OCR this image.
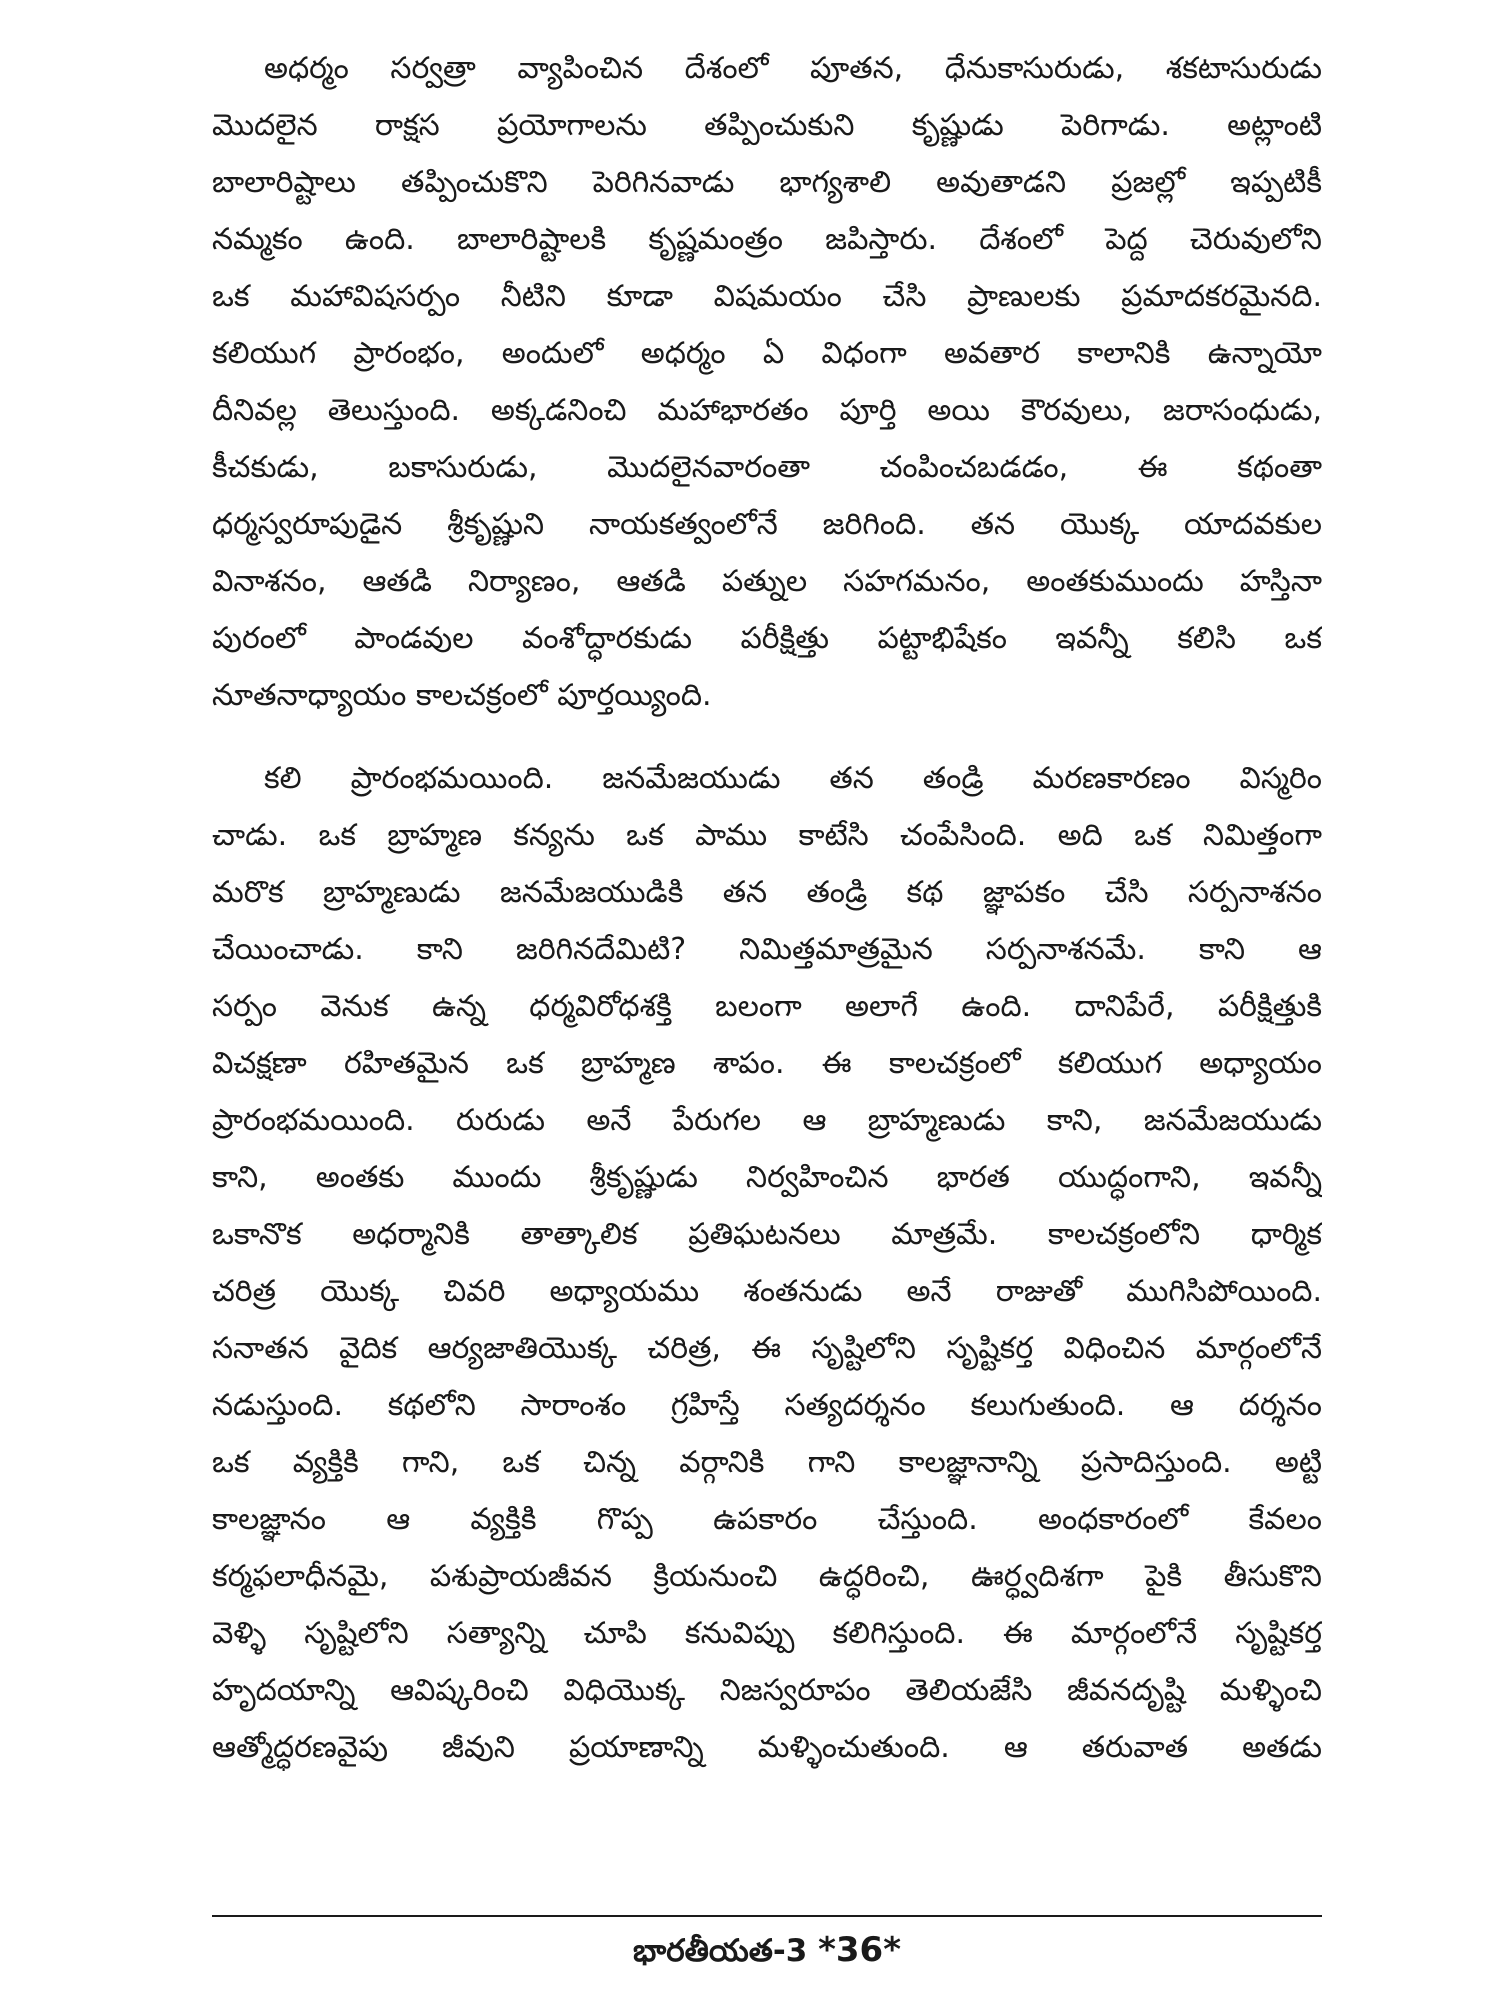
అధర్మం సర్వత్రా వ్యాపించిన దేశంలో పూతన, ధేనుకాసురుడు, శకటాసురుడు
మొదలైన రాక్షస ప్రయోగాలను తప్పించుకుని కృష్ణుడు పెరిగాడు. అట్లాంటి
బాలారిష్టాలు తప్పించుకొని పెరిగినవాడు భాగ్యశాలి అవుతాడని ప్రజల్లో ఇప్పటికీ
నమ్మకం ఉంది. బాలారిష్టాలకి కృష్ణమంత్రం జపిస్తారు. దేశంలో పెద్ద చెరువులోని
ఒక మహావిషసర్పం నీటిని కూడా విషమయం చేసి ప్రాణులకు ప్రమాదకరమైనది.
కలియుగ ప్రారంభం, అందులో అధర్మం ఏ విధంగా అవతార కాలానికి ఉన్నాయో
దీనివల్ల తెలుస్తుంది. అక్కడనించి మహాభారతం పూర్తి అయి కౌరవులు, జరాసంధుడు,
కీచకుడు, బకాసురుడు, మొదలైనవారంతా చంపించబడడం, ఈ కథంతా
ధర్మస్వరూపుడైన శ్రీకృష్ణుని నాయకత్వంలోనే జరిగింది. తన యొక్క యాదవకుల
వినాశనం, ఆతడి నిర్యాణం, ఆతడి పత్నుల సహగమనం, అంతకుముందు హస్తినా
పురంలో పాండవుల వంశోద్ధారకుడు పరీక్షిత్తు పట్టాభిషేకం ఇవన్నీ కలిసి ఒక
నూతనాధ్యాయం కాలచక్రంలో పూర్తయ్యింది.
కలి ప్రారంభమయింది. జనమేజయుడు తన తండ్రి మరణకారణం విస్మరిం
చాడు. ఒక బ్రాహ్మణ కన్యను ఒక పాము కాటేసి చంపేసింది. అది ఒక నిమిత్తంగా
మరొక బ్రాహ్మణుడు జనమేజయుడికి తన తండ్రి కథ జ్ఞాపకం చేసి సర్పనాశనం
చేయించాడు. కాని జరిగినదేమిటి? నిమిత్తమాత్రమైన సర్పనాశనమే. కాని ఆ
సర్పం వెనుక ఉన్న ధర్మవిరోధశక్తి బలంగా అలాగే ఉంది. దానిపేరే, పరీక్షిత్తుకి
విచక్షణా రహితమైన ఒక బ్రాహ్మణ శాపం. ఈ కాలచక్రంలో కలియుగ అధ్యాయం
ప్రారంభమయింది. రురుడు అనే పేరుగల ఆ బ్రాహ్మణుడు కాని, జనమేజయుడు
కాని, అంతకు ముందు శ్రీకృష్ణుడు నిర్వహించిన భారత యుద్ధంగాని, ఇవన్నీ
ఒకానొక అధర్మానికి తాత్కాలిక ప్రతిఘటనలు మాత్రమే. కాలచక్రంలోని ధార్మిక
చరిత్ర యొక్క చివరి అధ్యాయము శంతనుడు అనే రాజుతో ముగిసిపోయింది.
సనాతన వైదిక ఆర్యజాతియొక్క చరిత్ర, ఈ సృష్టిలోని సృష్టికర్త విధించిన మార్గంలోనే
నడుస్తుంది. కథలోని సారాంశం గ్రహిస్తే సత్యదర్శనం కలుగుతుంది. ఆ దర్శనం
ఒక వ్యక్తికి గాని, ఒక చిన్న వర్గానికి గాని కాలజ్ఞానాన్ని ప్రసాదిస్తుంది. అట్టి
కాలజ్ఞానం ఆ వ్యక్తికి గొప్ప ఉపకారం చేస్తుంది. అంధకారంలో కేవలం
కర్మఫలాధీనమై, పశుప్రాయజీవన క్రియనుంచి ఉద్ధరించి, ఊర్ధ్వదిశగా పైకి తీసుకొని
వెళ్ళి సృష్టిలోని సత్యాన్ని చూపి కనువిప్పు కలిగిస్తుంది. ఈ మార్గంలోనే సృష్టికర్త
హృదయాన్ని ఆవిష్కరించి విధియొక్క నిజస్వరూపం తెలియజేసి జీవనదృష్టి మళ్ళించి
ఆత్మోద్ధరణవైపు జీవుని ప్రయాణాన్ని మళ్ళించుతుంది. ఆ తరువాత అతడు
భారతీయత-3 *36*
